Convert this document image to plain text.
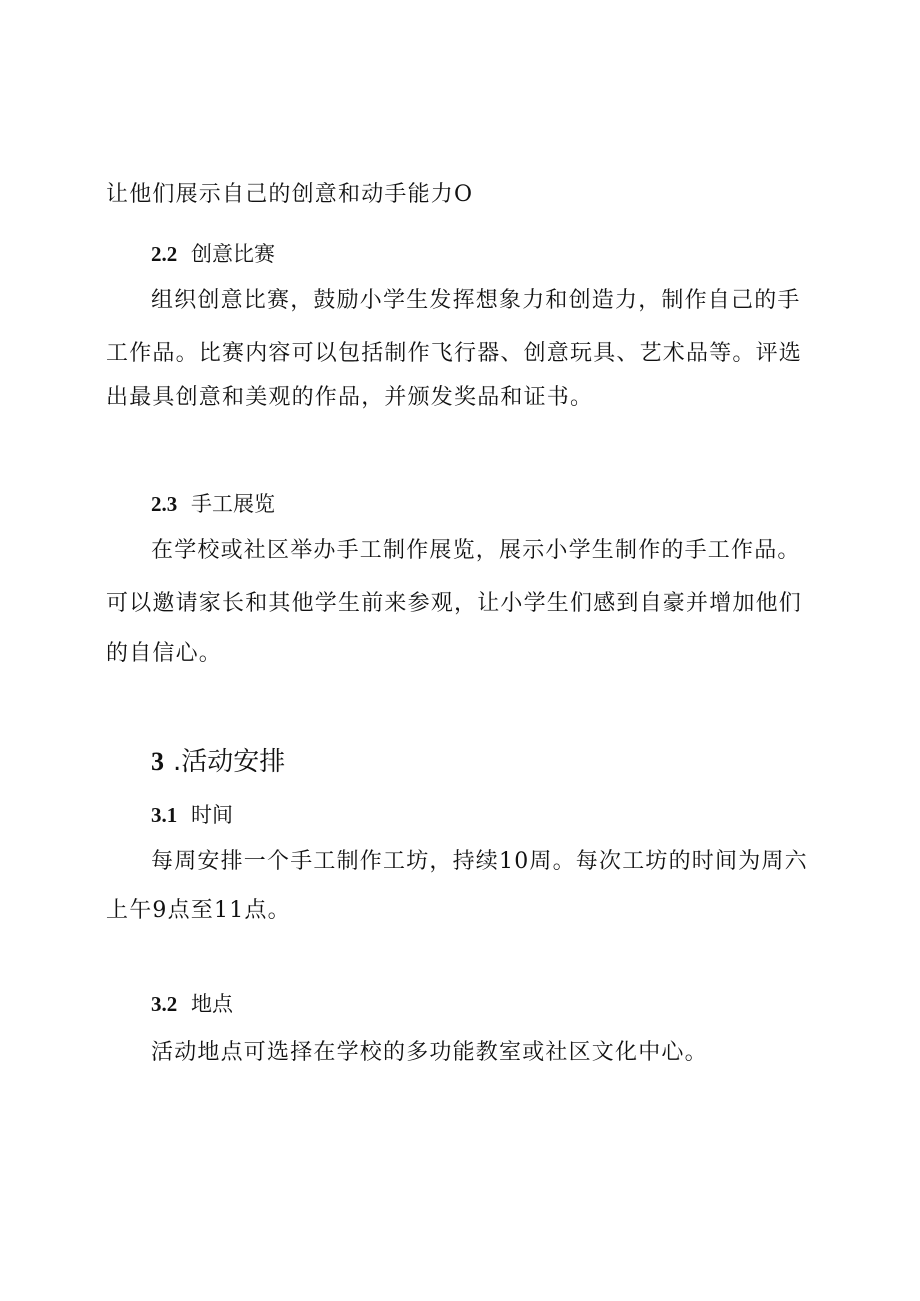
让他们展示自己的创意和动手能力O
2.2 创意比赛
组织创意比赛，鼓励小学生发挥想象力和创造力，制作自己的手
工作品。比赛内容可以包括制作飞行器、创意玩具、艺术品等。评选
出最具创意和美观的作品，并颁发奖品和证书。
2.3 手工展览
在学校或社区举办手工制作展览，展示小学生制作的手工作品。
可以邀请家长和其他学生前来参观，让小学生们感到自豪并增加他们
的自信心。
3 .活动安排
3.1 时间
每周安排一个手工制作工坊，持续10周。每次工坊的时间为周六
上午9点至11点。
3.2 地点
活动地点可选择在学校的多功能教室或社区文化中心。
